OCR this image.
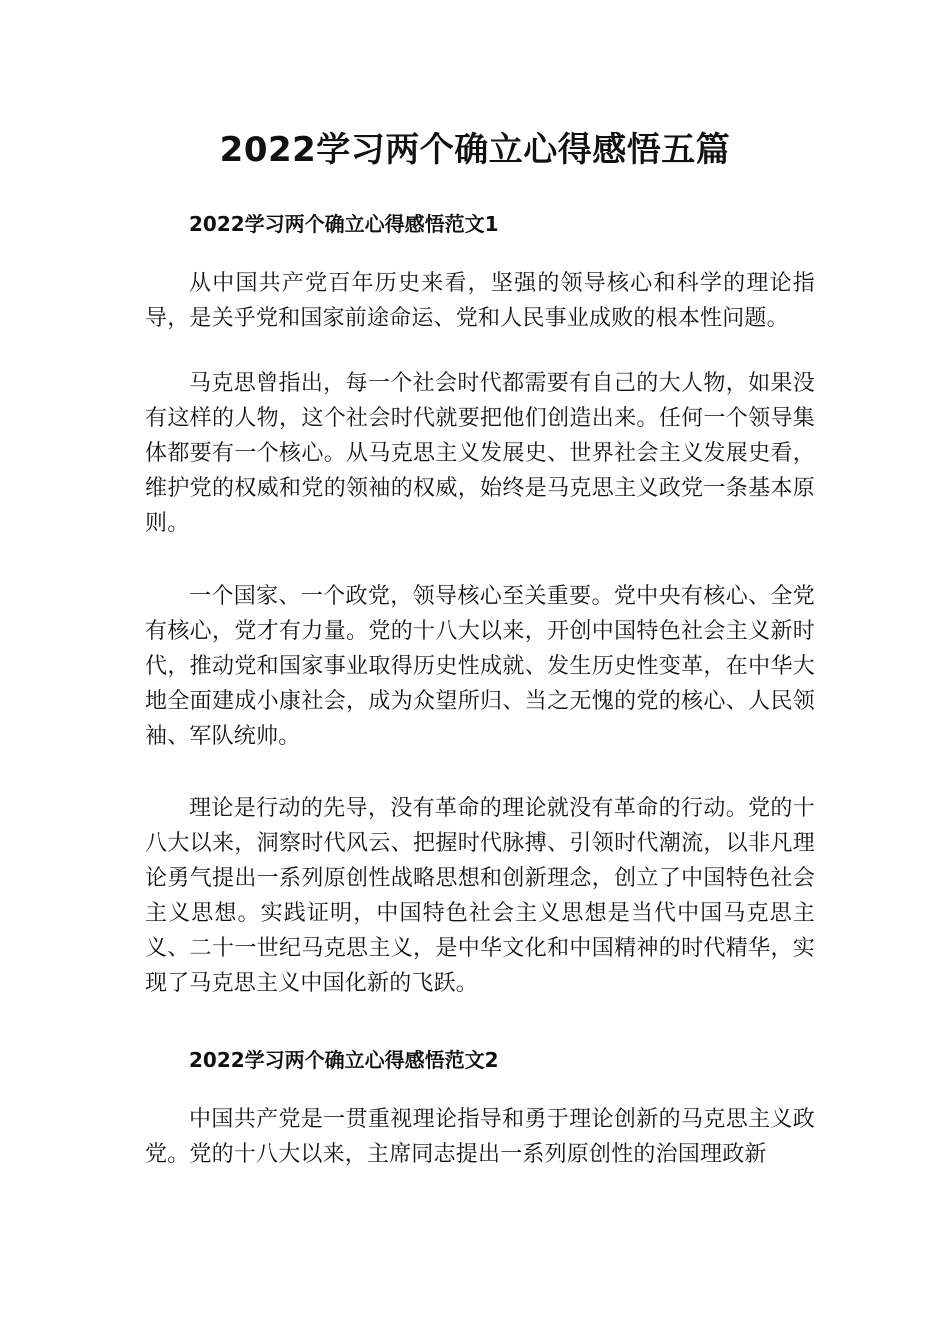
2022学习两个确立心得感悟五篇
2022学习两个确立心得感悟范文1

从中国共产党百年历史来看，坚强的领导核心和科学的理论指导，是关乎党和国家前途命运、党和人民事业成败的根本性问题。

马克思曾指出，每一个社会时代都需要有自己的大人物，如果没有这样的人物，这个社会时代就要把他们创造出来。任何一个领导集体都要有一个核心。从马克思主义发展史、世界社会主义发展史看，维护党的权威和党的领袖的权威，始终是马克思主义政党一条基本原则。

一个国家、一个政党，领导核心至关重要。党中央有核心、全党有核心，党才有力量。党的十八大以来，开创中国特色社会主义新时代，推动党和国家事业取得历史性成就、发生历史性变革，在中华大地全面建成小康社会，成为众望所归、当之无愧的党的核心、人民领袖、军队统帅。

理论是行动的先导，没有革命的理论就没有革命的行动。党的十八大以来，洞察时代风云、把握时代脉搏、引领时代潮流，以非凡理论勇气提出一系列原创性战略思想和创新理念，创立了中国特色社会主义思想。实践证明，中国特色社会主义思想是当代中国马克思主义、二十一世纪马克思主义，是中华文化和中国精神的时代精华，实现了马克思主义中国化新的飞跃。

2022学习两个确立心得感悟范文2

中国共产党是一贯重视理论指导和勇于理论创新的马克思主义政党。党的十八大以来，主席同志提出一系列原创性的治国理政新
